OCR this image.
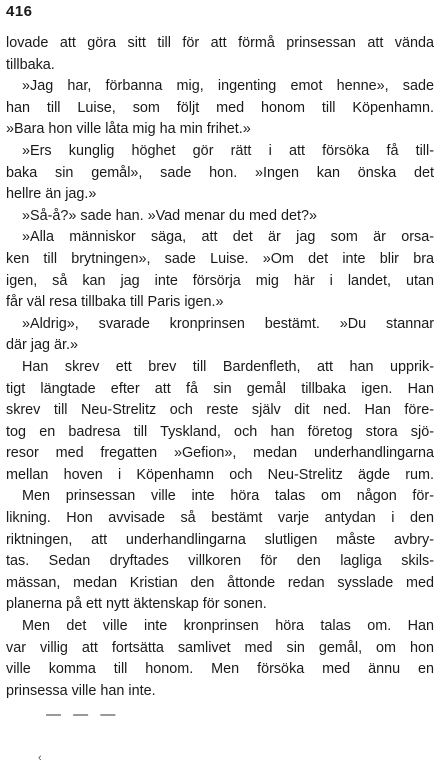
416
lovade att göra sitt till för att förmå prinsessan att vända
tillbaka.
»Jag har, förbanna mig, ingenting emot henne», sade
han till Luise, som följt med honom till Köpenhamn.
»Bara hon ville låta mig ha min frihet.»
»Ers kunglig höghet gör rätt i att försöka få till-
baka sin gemål», sade hon. »Ingen kan önska det
hellre än jag.»
»Så-å?» sade han. »Vad menar du med det?»
»Alla människor säga, att det är jag som är orsa-
ken till brytningen», sade Luise. »Om det inte blir bra
igen, så kan jag inte försörja mig här i landet, utan
får väl resa tillbaka till Paris igen.»
»Aldrig», svarade kronprinsen bestämt. »Du stannar
där jag är.»
Han skrev ett brev till Bardenfleth, att han upprik-
tigt längtade efter att få sin gemål tillbaka igen. Han
skrev till Neu-Strelitz och reste själv dit ned. Han före-
tog en badresa till Tyskland, och han företog stora sjö-
resor med fregatten »Gefion», medan underhandlingarna
mellan hoven i Köpenhamn och Neu-Strelitz ägde rum.
Men prinsessan ville inte höra talas om någon för-
likning. Hon avvisade så bestämt varje antydan i den
riktningen, att underhandlingarna slutligen måste avbry-
tas. Sedan dryftades villkoren för den lagliga skils-
mässan, medan Kristian den åttonde redan sysslade med
planerna på ett nytt äktenskap för sonen.
Men det ville inte kronprinsen höra talas om. Han
var villig att fortsätta samlivet med sin gemål, om hon
ville komma till honom. Men försöka med ännu en
prinsessa ville han inte.
— — —
‹
